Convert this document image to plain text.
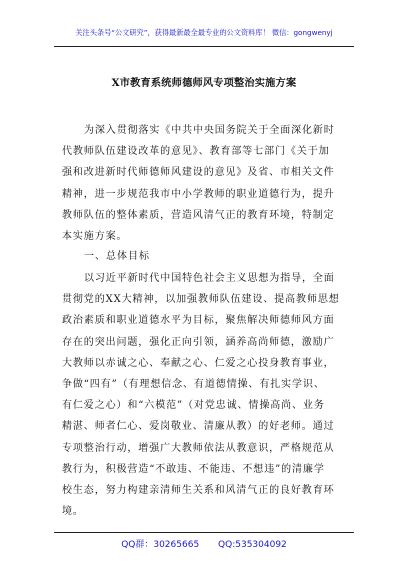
关注头条号“公文研究”，获得最新最全最专业的公文资料库！ 微信：gongwenyj
X市教育系统师德师风专项整治实施方案
为深入贯彻落实《中共中央国务院关于全面深化新时
代教师队伍建设改革的意见》、教育部等七部门《关于加
强和改进新时代师德师风建设的意见》及省、市相关文件
精神，进一步规范我市中小学教师的职业道德行为，提升
教师队伍的整体素质，营造风清气正的教育环境，特制定
本实施方案。
一、总体目标
以习近平新时代中国特色社会主义思想为指导，全面
贯彻党的XX大精神，以加强教师队伍建设、提高教师思想
政治素质和职业道德水平为目标，聚焦解决师德师风方面
存在的突出问题，强化正向引领，涵养高尚师德，激励广
大教师以赤诚之心、奉献之心、仁爱之心投身教育事业，
争做“四有”（有理想信念、有道德情操、有扎实学识、
有仁爱之心）和“六模范”（对党忠诚、情操高尚、业务
精湛、师者仁心、爱岗敬业、清廉从教）的好老师。通过
专项整治行动，增强广大教师依法从教意识，严格规范从
教行为，积极营造“不敢违、不能违、不想违”的清廉学
校生态，努力构建亲清师生关系和风清气正的良好教育环
境。
QQ群：30265665 QQ:535304092
